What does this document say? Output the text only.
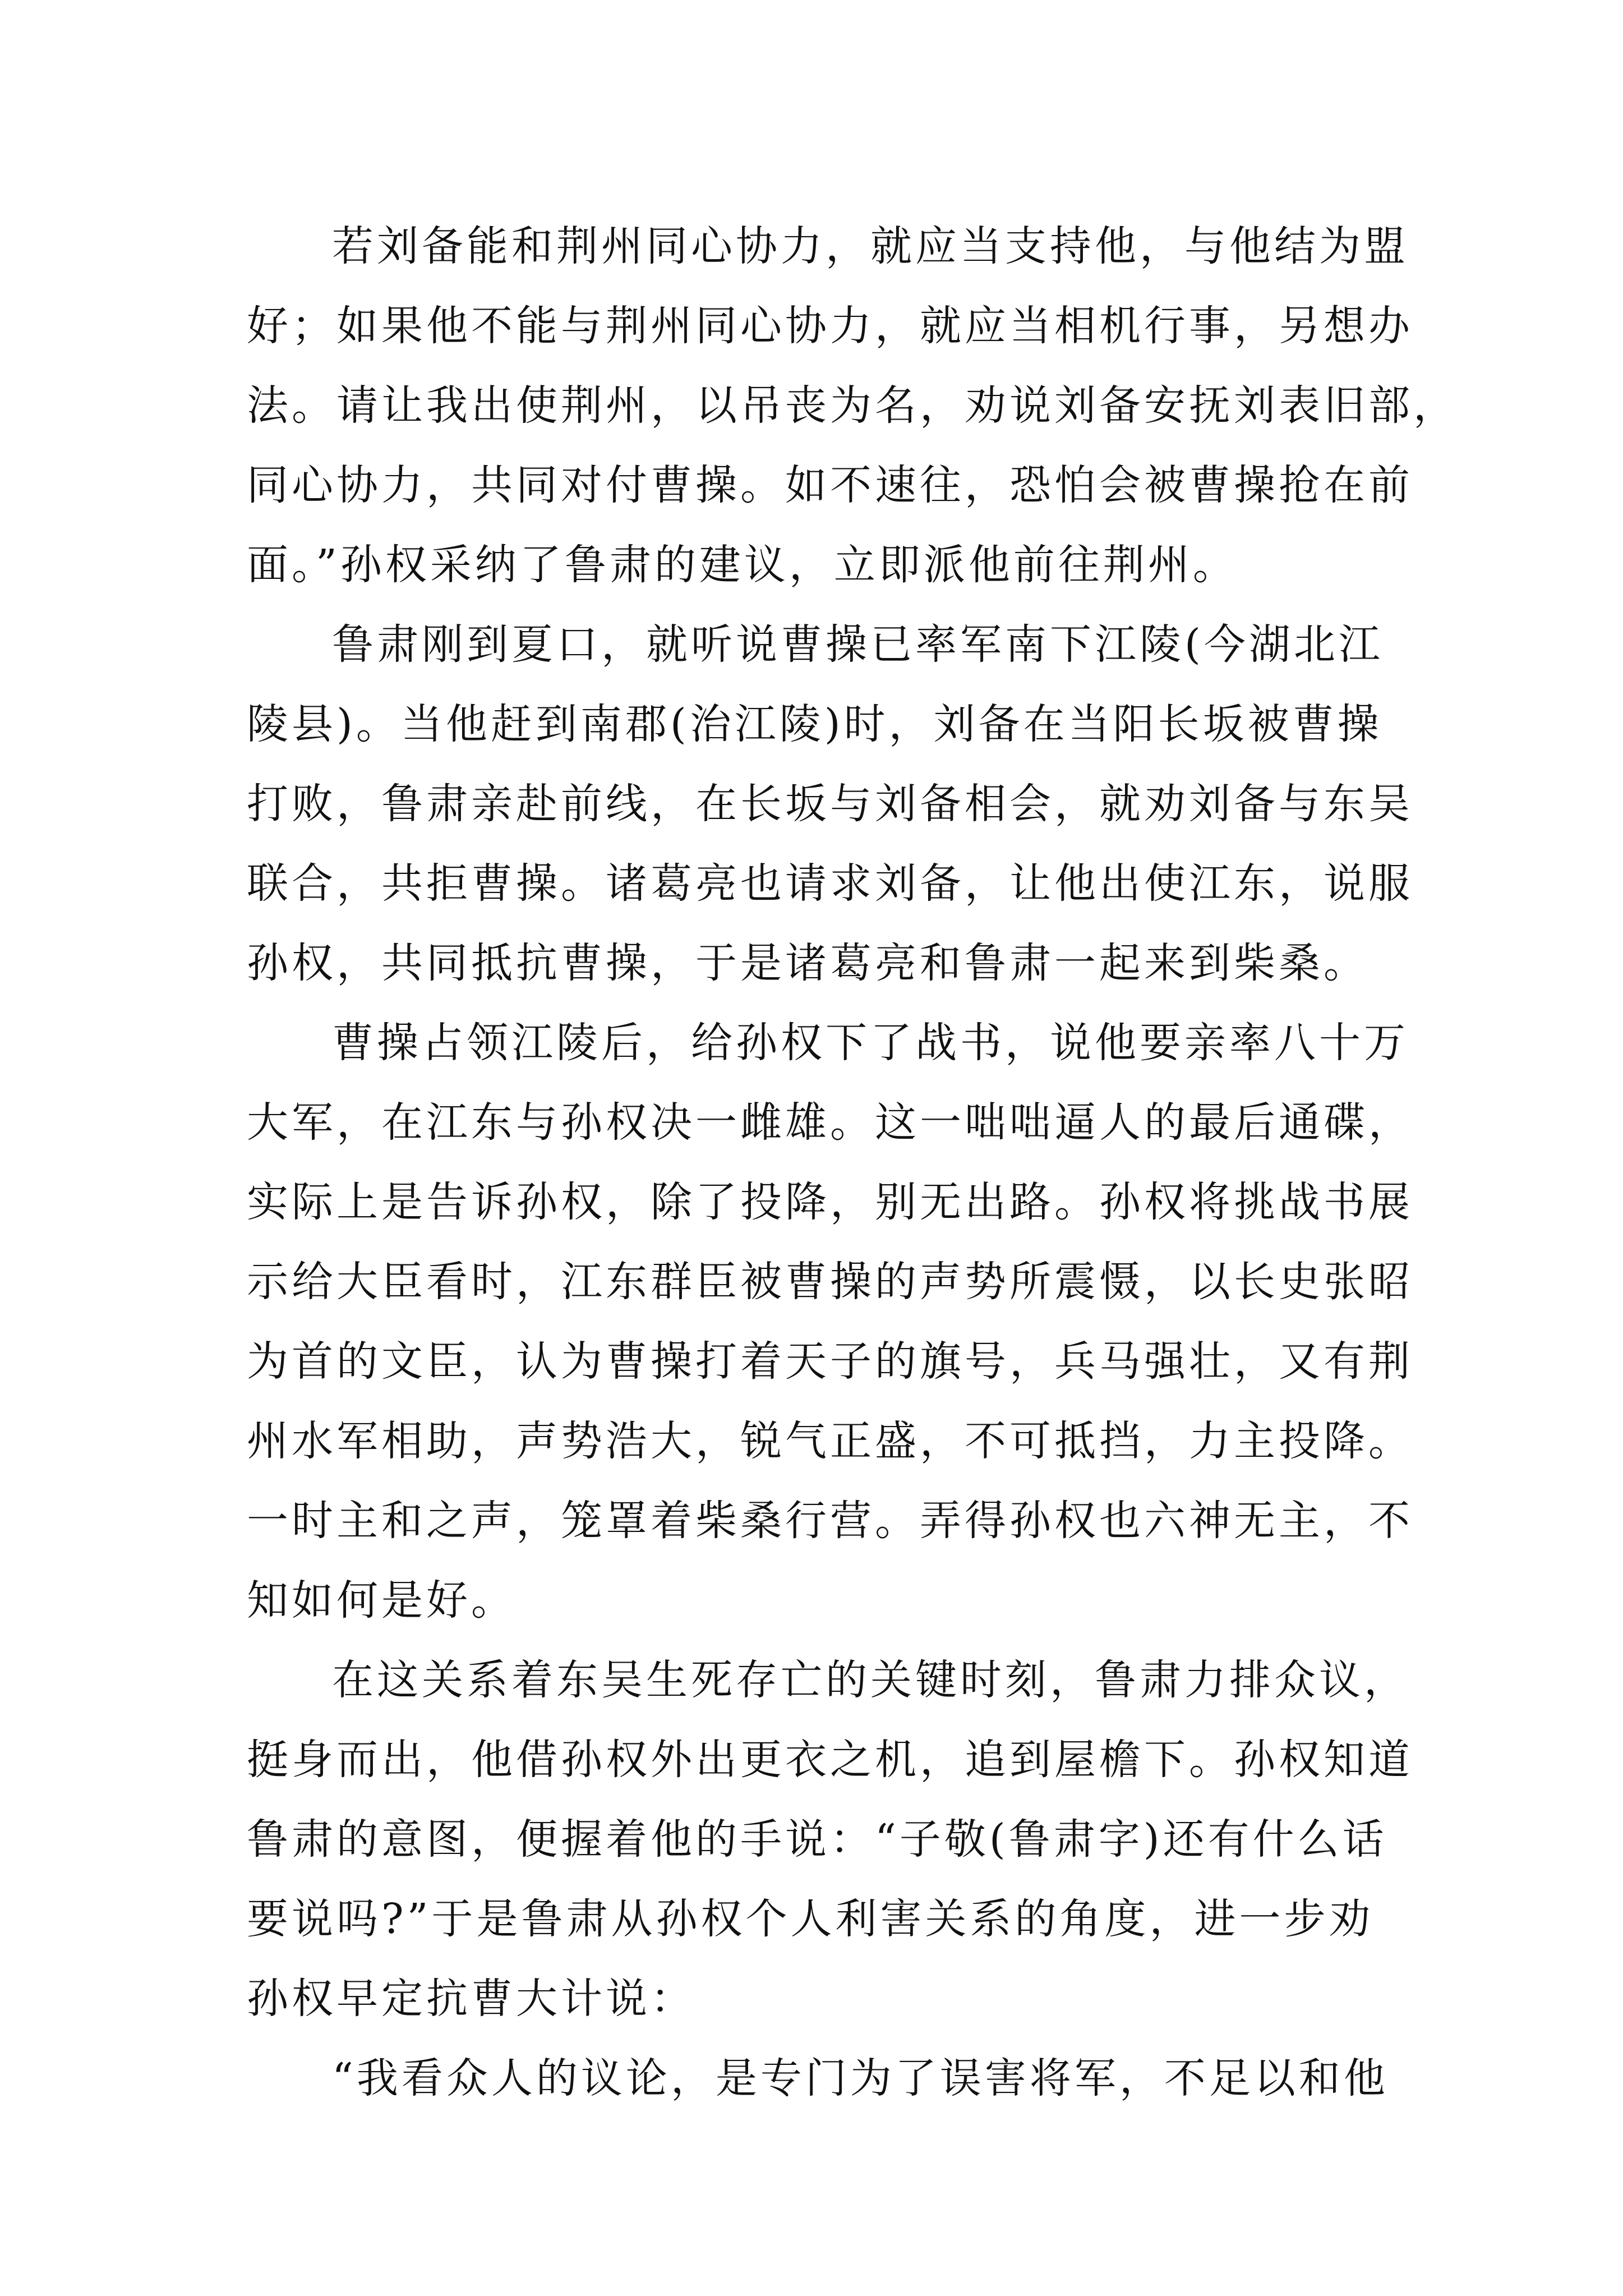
若刘备能和荆州同心协力，就应当支持他，与他结为盟
好；如果他不能与荆州同心协力，就应当相机行事，另想办
法。请让我出使荆州，以吊丧为名，劝说刘备安抚刘表旧部，
同心协力，共同对付曹操。如不速往，恐怕会被曹操抢在前
面。”孙权采纳了鲁肃的建议，立即派他前往荆州。
鲁肃刚到夏口，就听说曹操已率军南下江陵(今湖北江
陵县)。当他赶到南郡(治江陵)时，刘备在当阳长坂被曹操
打败，鲁肃亲赴前线，在长坂与刘备相会，就劝刘备与东吴
联合，共拒曹操。诸葛亮也请求刘备，让他出使江东，说服
孙权，共同抵抗曹操，于是诸葛亮和鲁肃一起来到柴桑。
曹操占领江陵后，给孙权下了战书，说他要亲率八十万
大军，在江东与孙权决一雌雄。这一咄咄逼人的最后通碟，
实际上是告诉孙权，除了投降，别无出路。孙权将挑战书展
示给大臣看时，江东群臣被曹操的声势所震慑，以长史张昭
为首的文臣，认为曹操打着天子的旗号，兵马强壮，又有荆
州水军相助，声势浩大，锐气正盛，不可抵挡，力主投降。
一时主和之声，笼罩着柴桑行营。弄得孙权也六神无主，不
知如何是好。
在这关系着东吴生死存亡的关键时刻，鲁肃力排众议，
挺身而出，他借孙权外出更衣之机，追到屋檐下。孙权知道
鲁肃的意图，便握着他的手说：“子敬(鲁肃字)还有什么话
要说吗?”于是鲁肃从孙权个人利害关系的角度，进一步劝
孙权早定抗曹大计说：
“我看众人的议论，是专门为了误害将军，不足以和他
